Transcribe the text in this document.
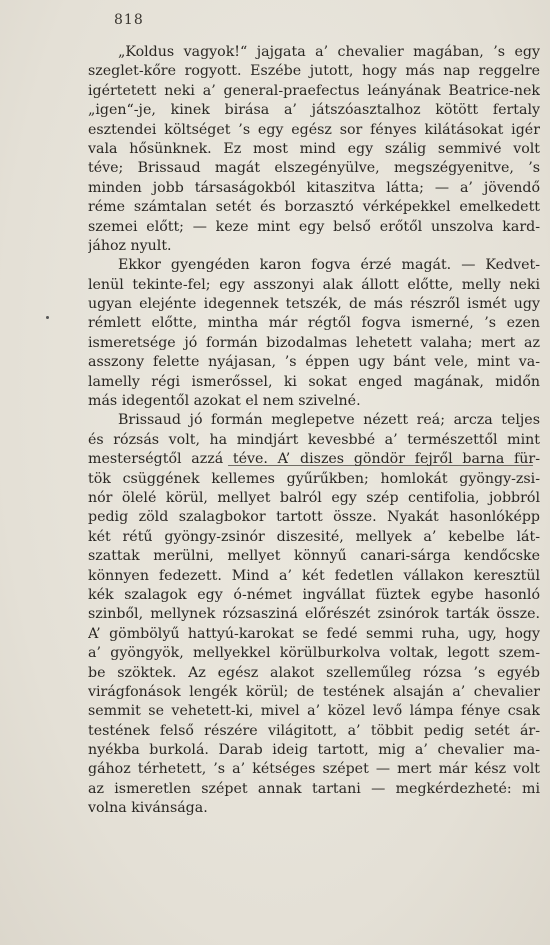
818
„Koldus vagyok!“ jajgata a’ chevalier magában, ’s egy
szeglet-kőre rogyott. Eszébe jutott, hogy más nap reggelre
igértetett neki a’ general-praefectus leányának Beatrice-nek
„igen“-je, kinek birása a’ játszóasztalhoz kötött fertaly
esztendei költséget ’s egy egész sor fényes kilátásokat igér
vala hősünknek. Ez most mind egy szálig semmivé volt
téve; Brissaud magát elszegényülve, megszégyenitve, ’s
minden jobb társaságokból kitaszitva látta; — a’ jövendő
réme számtalan setét és borzasztó vérképekkel emelkedett
szemei előtt; — keze mint egy belső erőtől unszolva kard-
jához nyult.
Ekkor gyengéden karon fogva érzé magát. — Kedvet-
lenül tekinte-fel; egy asszonyi alak állott előtte, melly neki
ugyan elejénte idegennek tetszék, de más részről ismét ugy
rémlett előtte, mintha már régtől fogva ismerné, ’s ezen
ismeretsége jó formán bizodalmas lehetett valaha; mert az
asszony felette nyájasan, ’s éppen ugy bánt vele, mint va-
lamelly régi ismerőssel, ki sokat enged magának, midőn
más idegentől azokat el nem szivelné.
Brissaud jó formán meglepetve nézett reá; arcza teljes
és rózsás volt, ha mindjárt kevesbbé a’ természettől mint
mesterségtől azzá téve. A’ diszes göndör fejről barna für-
tök csüggének kellemes gyűrűkben; homlokát gyöngy-zsi-
nór ölelé körül, mellyet balról egy szép centifolia, jobbról
pedig zöld szalagbokor tartott össze. Nyakát hasonlóképp
két rétű gyöngy-zsinór diszesité, mellyek a’ kebelbe lát-
szattak merülni, mellyet könnyű canari-sárga kendőcske
könnyen fedezett. Mind a’ két fedetlen vállakon keresztül
kék szalagok egy ó-német ingvállat füztek egybe hasonló
szinből, mellynek rózsasziná előrészét zsinórok tarták össze.
A’ gömbölyű hattyú-karokat se fedé semmi ruha, ugy, hogy
a’ gyöngyök, mellyekkel körülburkolva voltak, legott szem-
be szöktek. Az egész alakot szelleműleg rózsa ’s egyéb
virágfonások lengék körül; de testének alsaján a’ chevalier
semmit se vehetett-ki, mivel a’ közel levő lámpa fénye csak
testének felső részére világitott, a’ többit pedig setét ár-
nyékba burkolá. Darab ideig tartott, mig a’ chevalier ma-
gához térhetett, ’s a’ kétséges szépet — mert már kész volt
az ismeretlen szépet annak tartani — megkérdezheté: mi
volna kivánsága.
